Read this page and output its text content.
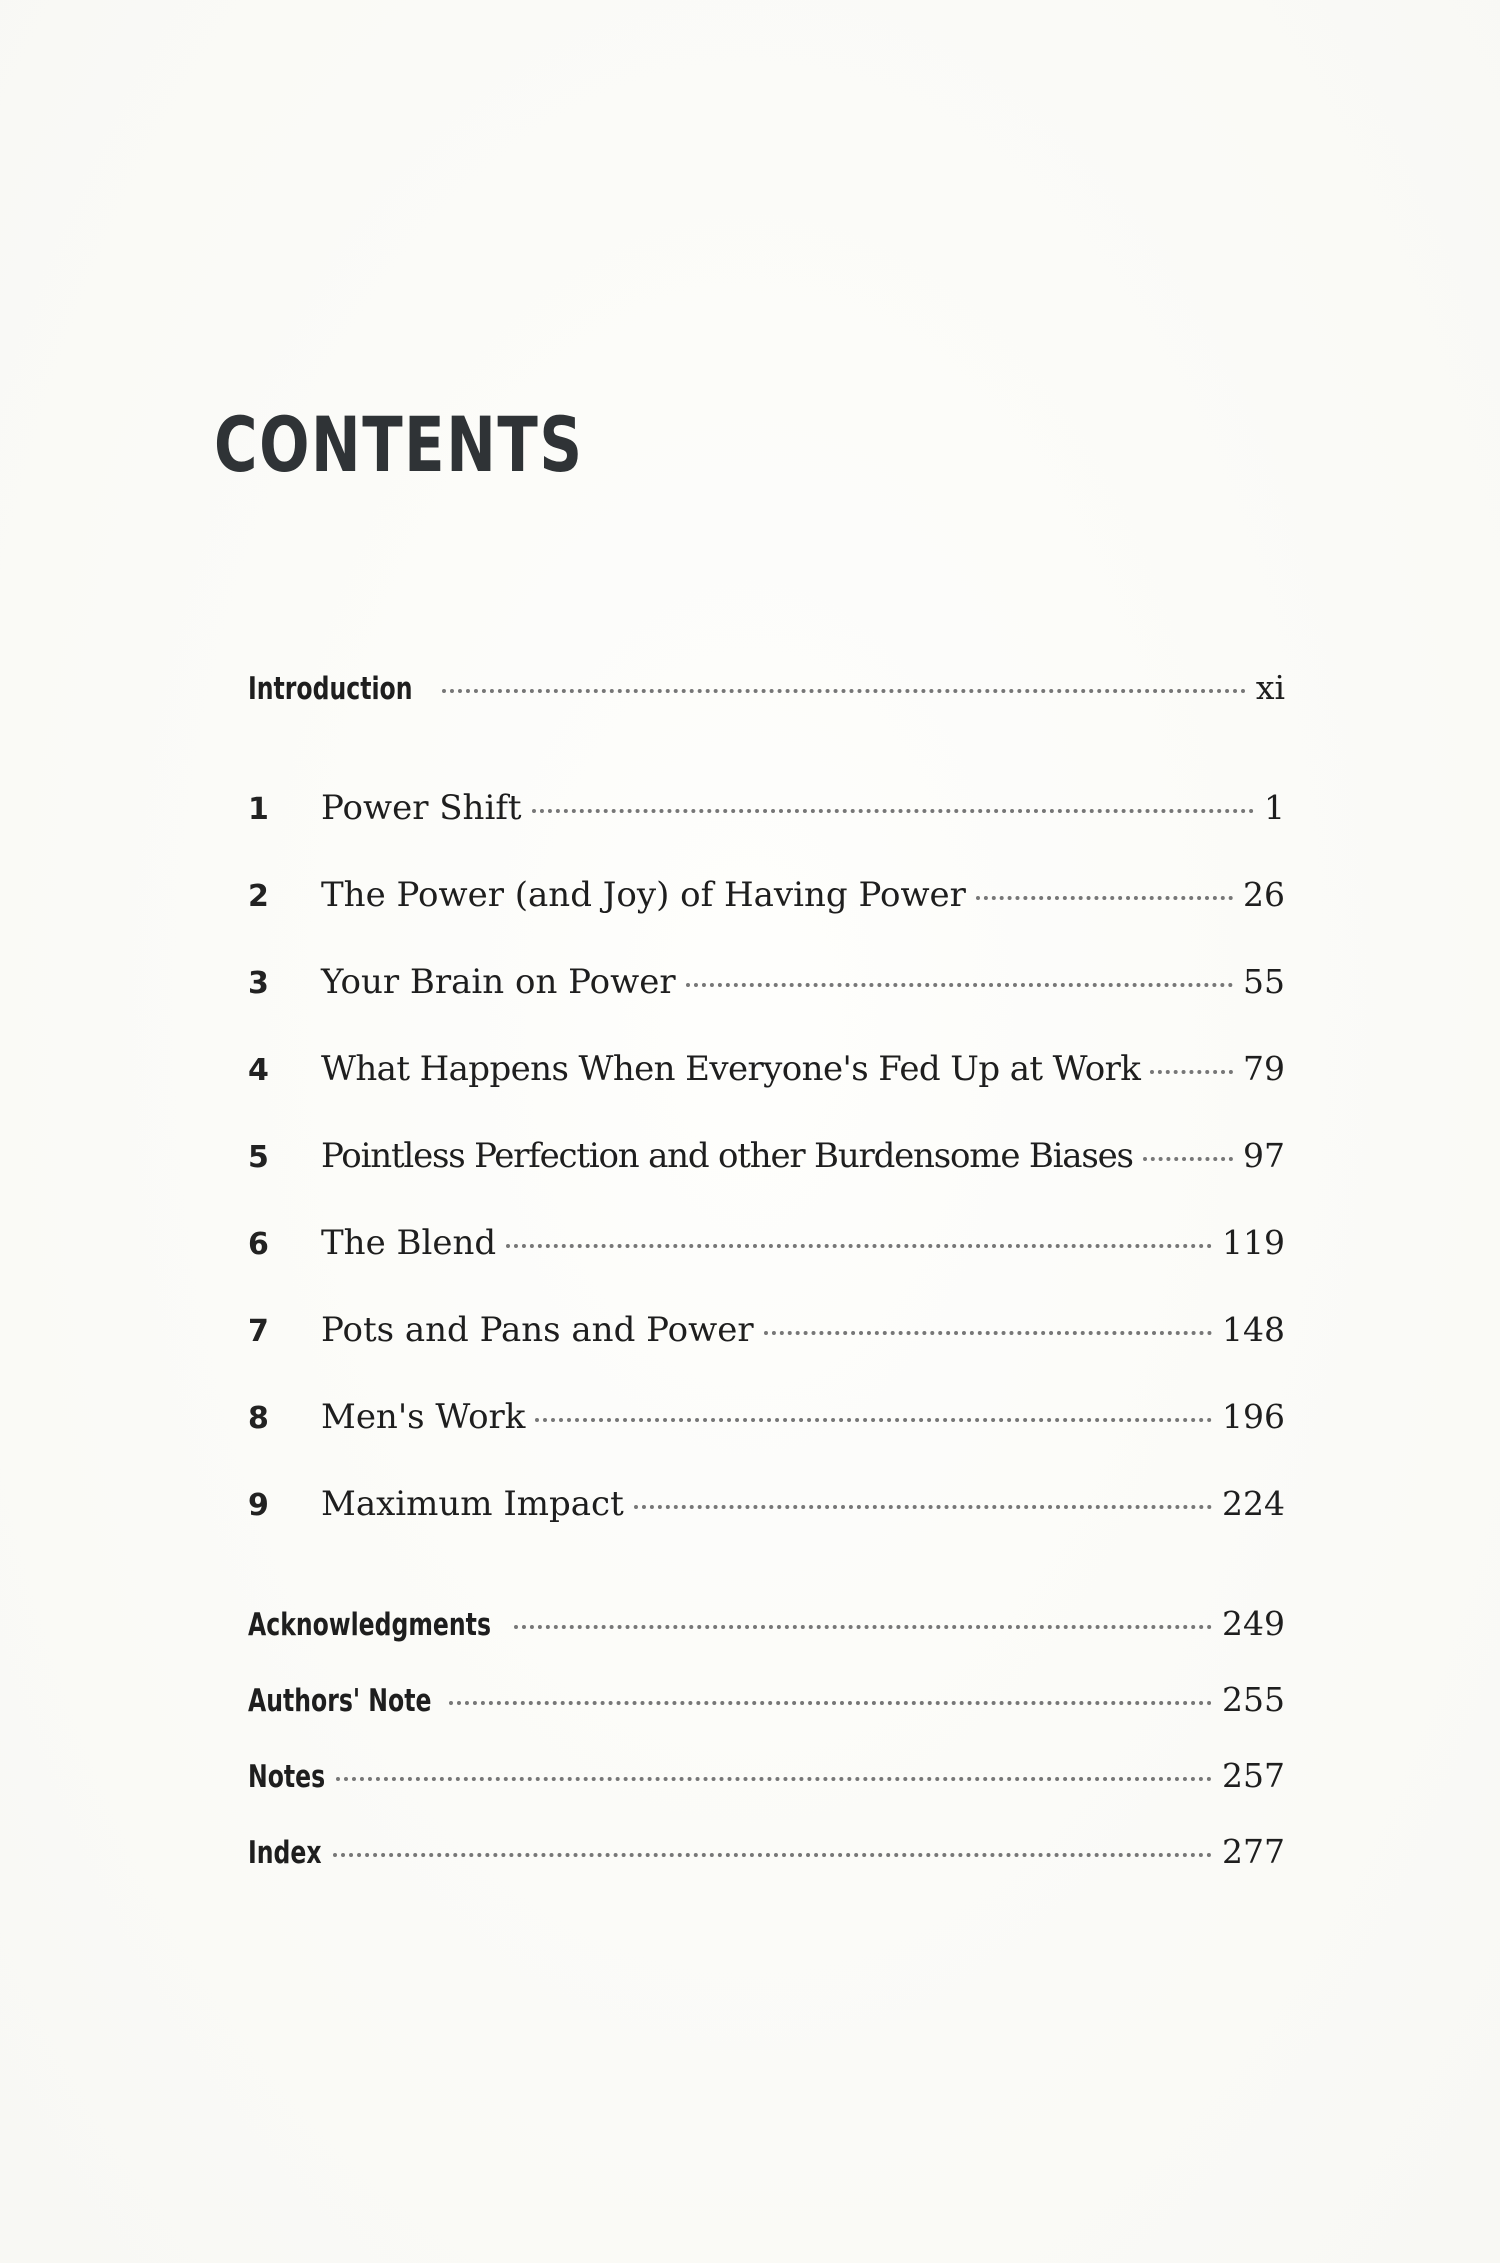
CONTENTS
Introduction	xi
1	Power Shift	1
2	The Power (and Joy) of Having Power	26
3	Your Brain on Power	55
4	What Happens When Everyone's Fed Up at Work	79
5	Pointless Perfection and other Burdensome Biases	97
6	The Blend	119
7	Pots and Pans and Power	148
8	Men's Work	196
9	Maximum Impact	224
Acknowledgments	249
Authors' Note	255
Notes	257
Index	277
